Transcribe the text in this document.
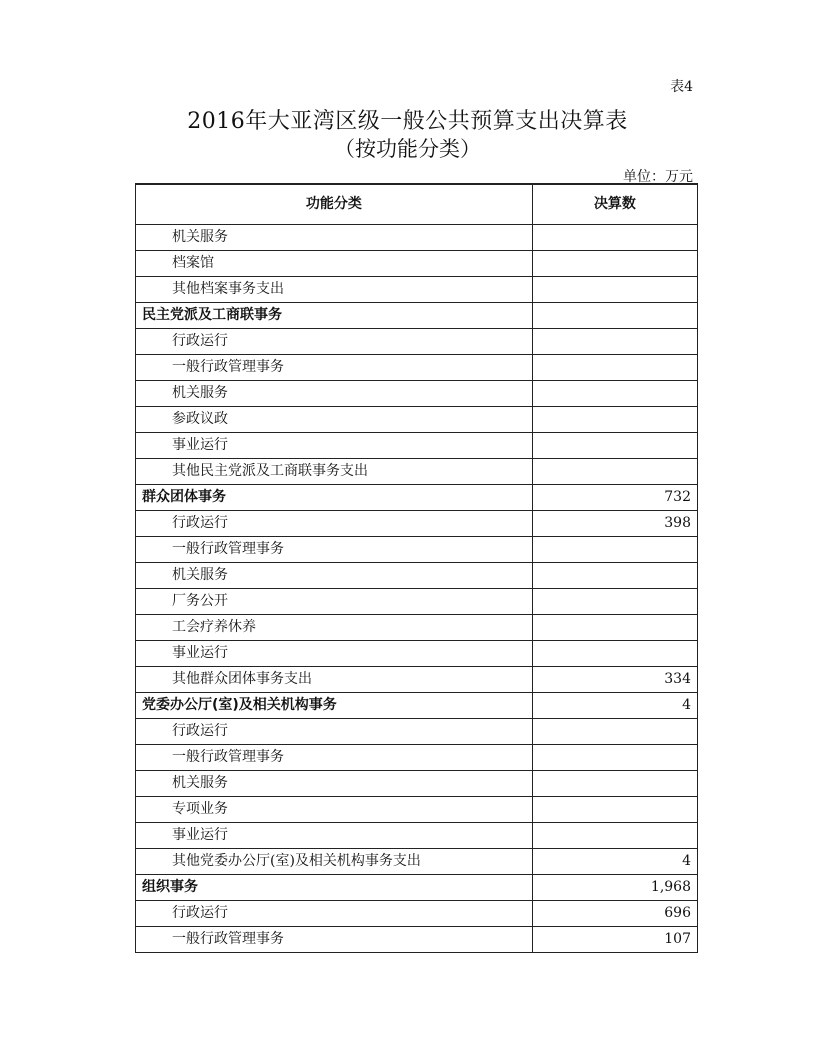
表4
2016年大亚湾区级一般公共预算支出决算表
（按功能分类）
单位：万元
功能分类	决算数
机关服务	
档案馆	
其他档案事务支出	
民主党派及工商联事务	
行政运行	
一般行政管理事务	
机关服务	
参政议政	
事业运行	
其他民主党派及工商联事务支出	
群众团体事务	732
行政运行	398
一般行政管理事务	
机关服务	
厂务公开	
工会疗养休养	
事业运行	
其他群众团体事务支出	334
党委办公厅(室)及相关机构事务	4
行政运行	
一般行政管理事务	
机关服务	
专项业务	
事业运行	
其他党委办公厅(室)及相关机构事务支出	4
组织事务	1,968
行政运行	696
一般行政管理事务	107
